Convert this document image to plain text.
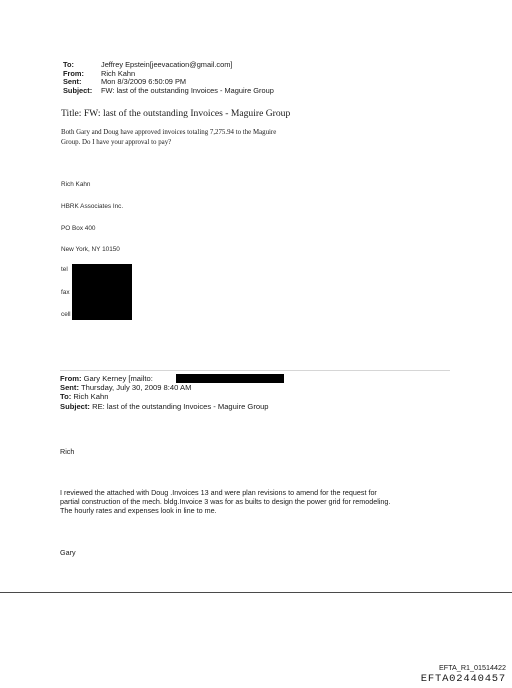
To:	Jeffrey Epstein[jeevacation@gmail.com]
From: Rich Kahn
Sent:	Mon 8/3/2009 6:50:09 PM
Subject: FW: last of the outstanding Invoices - Maguire Group
Title: FW: last of the outstanding Invoices - Maguire Group
Both Gary and Doug have approved invoices totaling 7,275.94 to the Maguire
Group. Do I have your approval to pay?
Rich Kahn
HBRK Associates Inc.
PO Box 400
New York, NY 10150
tel
fax
cell
From: Gary Kerney [mailto:
Sent: Thursday, July 30, 2009 8:40 AM
To: Rich Kahn
Subject: RE: last of the outstanding Invoices - Maguire Group
Rich
I reviewed the attached with Doug .Invoices 13 and were plan revisions to amend for the request for
partial construction of the mech. bldg.Invoice 3 was for as builts to design the power grid for remodeling.
The hourly rates and expenses look in line to me.
Gary
EFTA_R1_01514422
EFTA02440457
